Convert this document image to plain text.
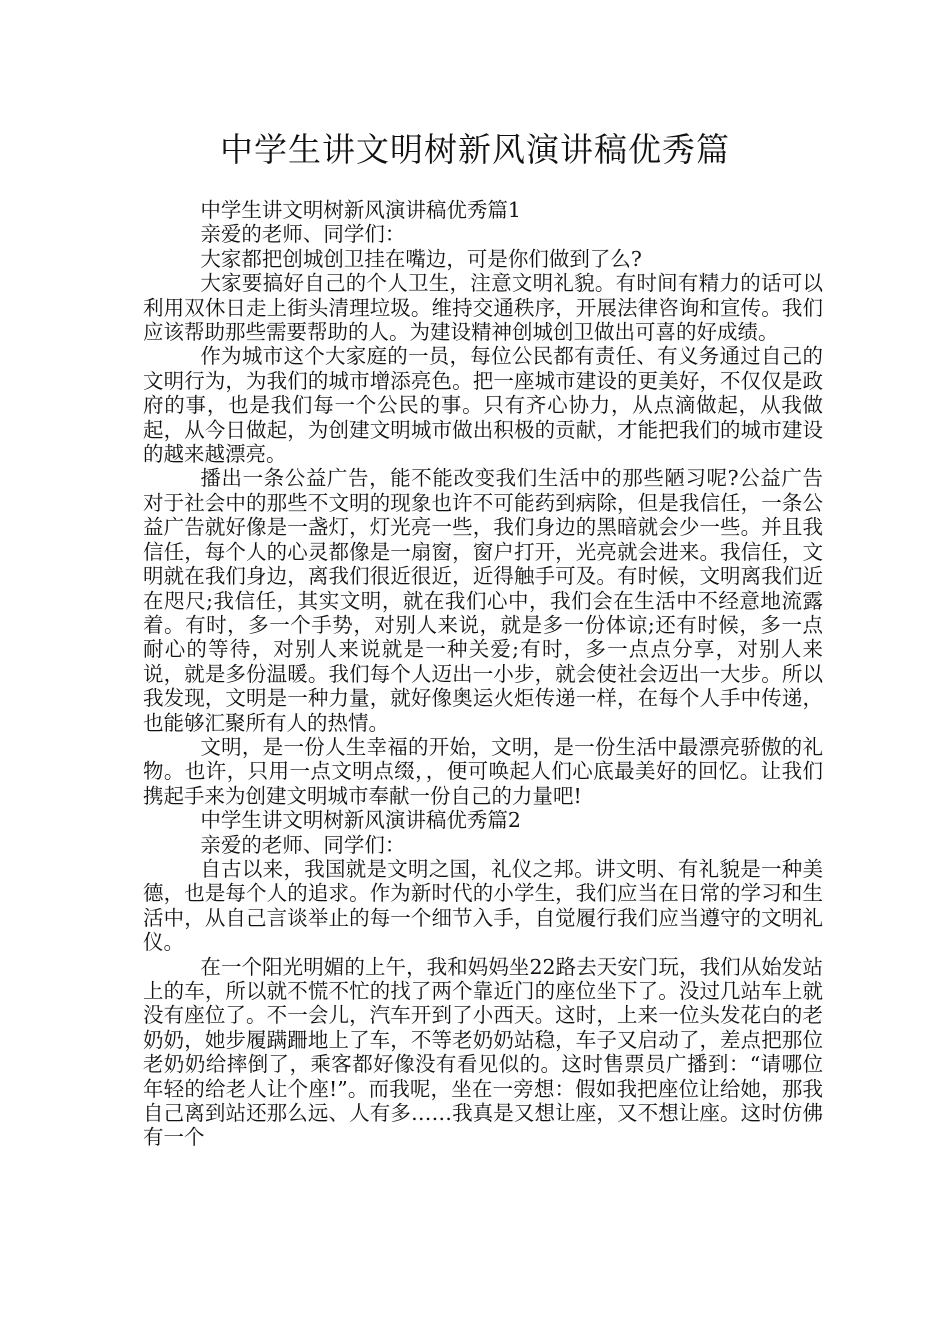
中学生讲文明树新风演讲稿优秀篇

中学生讲文明树新风演讲稿优秀篇1

亲爱的老师、同学们：

大家都把创城创卫挂在嘴边，可是你们做到了么?

大家要搞好自己的个人卫生，注意文明礼貌。有时间有精力的话可以利用双休日走上街头清理垃圾。维持交通秩序，开展法律咨询和宣传。我们应该帮助那些需要帮助的人。为建设精神创城创卫做出可喜的好成绩。

作为城市这个大家庭的一员，每位公民都有责任、有义务通过自己的文明行为，为我们的城市增添亮色。把一座城市建设的更美好，不仅仅是政府的事，也是我们每一个公民的事。只有齐心协力，从点滴做起，从我做起，从今日做起，为创建文明城市做出积极的贡献，才能把我们的城市建设的越来越漂亮。

播出一条公益广告，能不能改变我们生活中的那些陋习呢?公益广告对于社会中的那些不文明的现象也许不可能药到病除，但是我信任，一条公益广告就好像是一盏灯，灯光亮一些，我们身边的黑暗就会少一些。并且我信任，每个人的心灵都像是一扇窗，窗户打开，光亮就会进来。我信任，文明就在我们身边，离我们很近很近，近得触手可及。有时候，文明离我们近在咫尺;我信任，其实文明，就在我们心中，我们会在生活中不经意地流露着。有时，多一个手势，对别人来说，就是多一份体谅;还有时候，多一点耐心的等待，对别人来说就是一种关爱;有时，多一点点分享，对别人来说，就是多份温暖。我们每个人迈出一小步，就会使社会迈出一大步。所以我发现，文明是一种力量，就好像奥运火炬传递一样，在每个人手中传递，也能够汇聚所有人的热情。

文明，是一份人生幸福的开始，文明，是一份生活中最漂亮骄傲的礼物。也许，只用一点文明点缀，，便可唤起人们心底最美好的回忆。让我们携起手来为创建文明城市奉献一份自己的力量吧!

中学生讲文明树新风演讲稿优秀篇2

亲爱的老师、同学们：

自古以来，我国就是文明之国，礼仪之邦。讲文明、有礼貌是一种美德，也是每个人的追求。作为新时代的小学生，我们应当在日常的学习和生活中，从自己言谈举止的每一个细节入手，自觉履行我们应当遵守的文明礼仪。

在一个阳光明媚的上午，我和妈妈坐22路去天安门玩，我们从始发站上的车，所以就不慌不忙的找了两个靠近门的座位坐下了。没过几站车上就没有座位了。不一会儿，汽车开到了小西天。这时，上来一位头发花白的老奶奶，她步履蹒跚地上了车，不等老奶奶站稳，车子又启动了，差点把那位老奶奶给摔倒了，乘客都好像没有看见似的。这时售票员广播到：“请哪位年轻的给老人让个座!”。而我呢，坐在一旁想：假如我把座位让给她，那我自己离到站还那么远、人有多……我真是又想让座，又不想让座。这时仿佛有一个
